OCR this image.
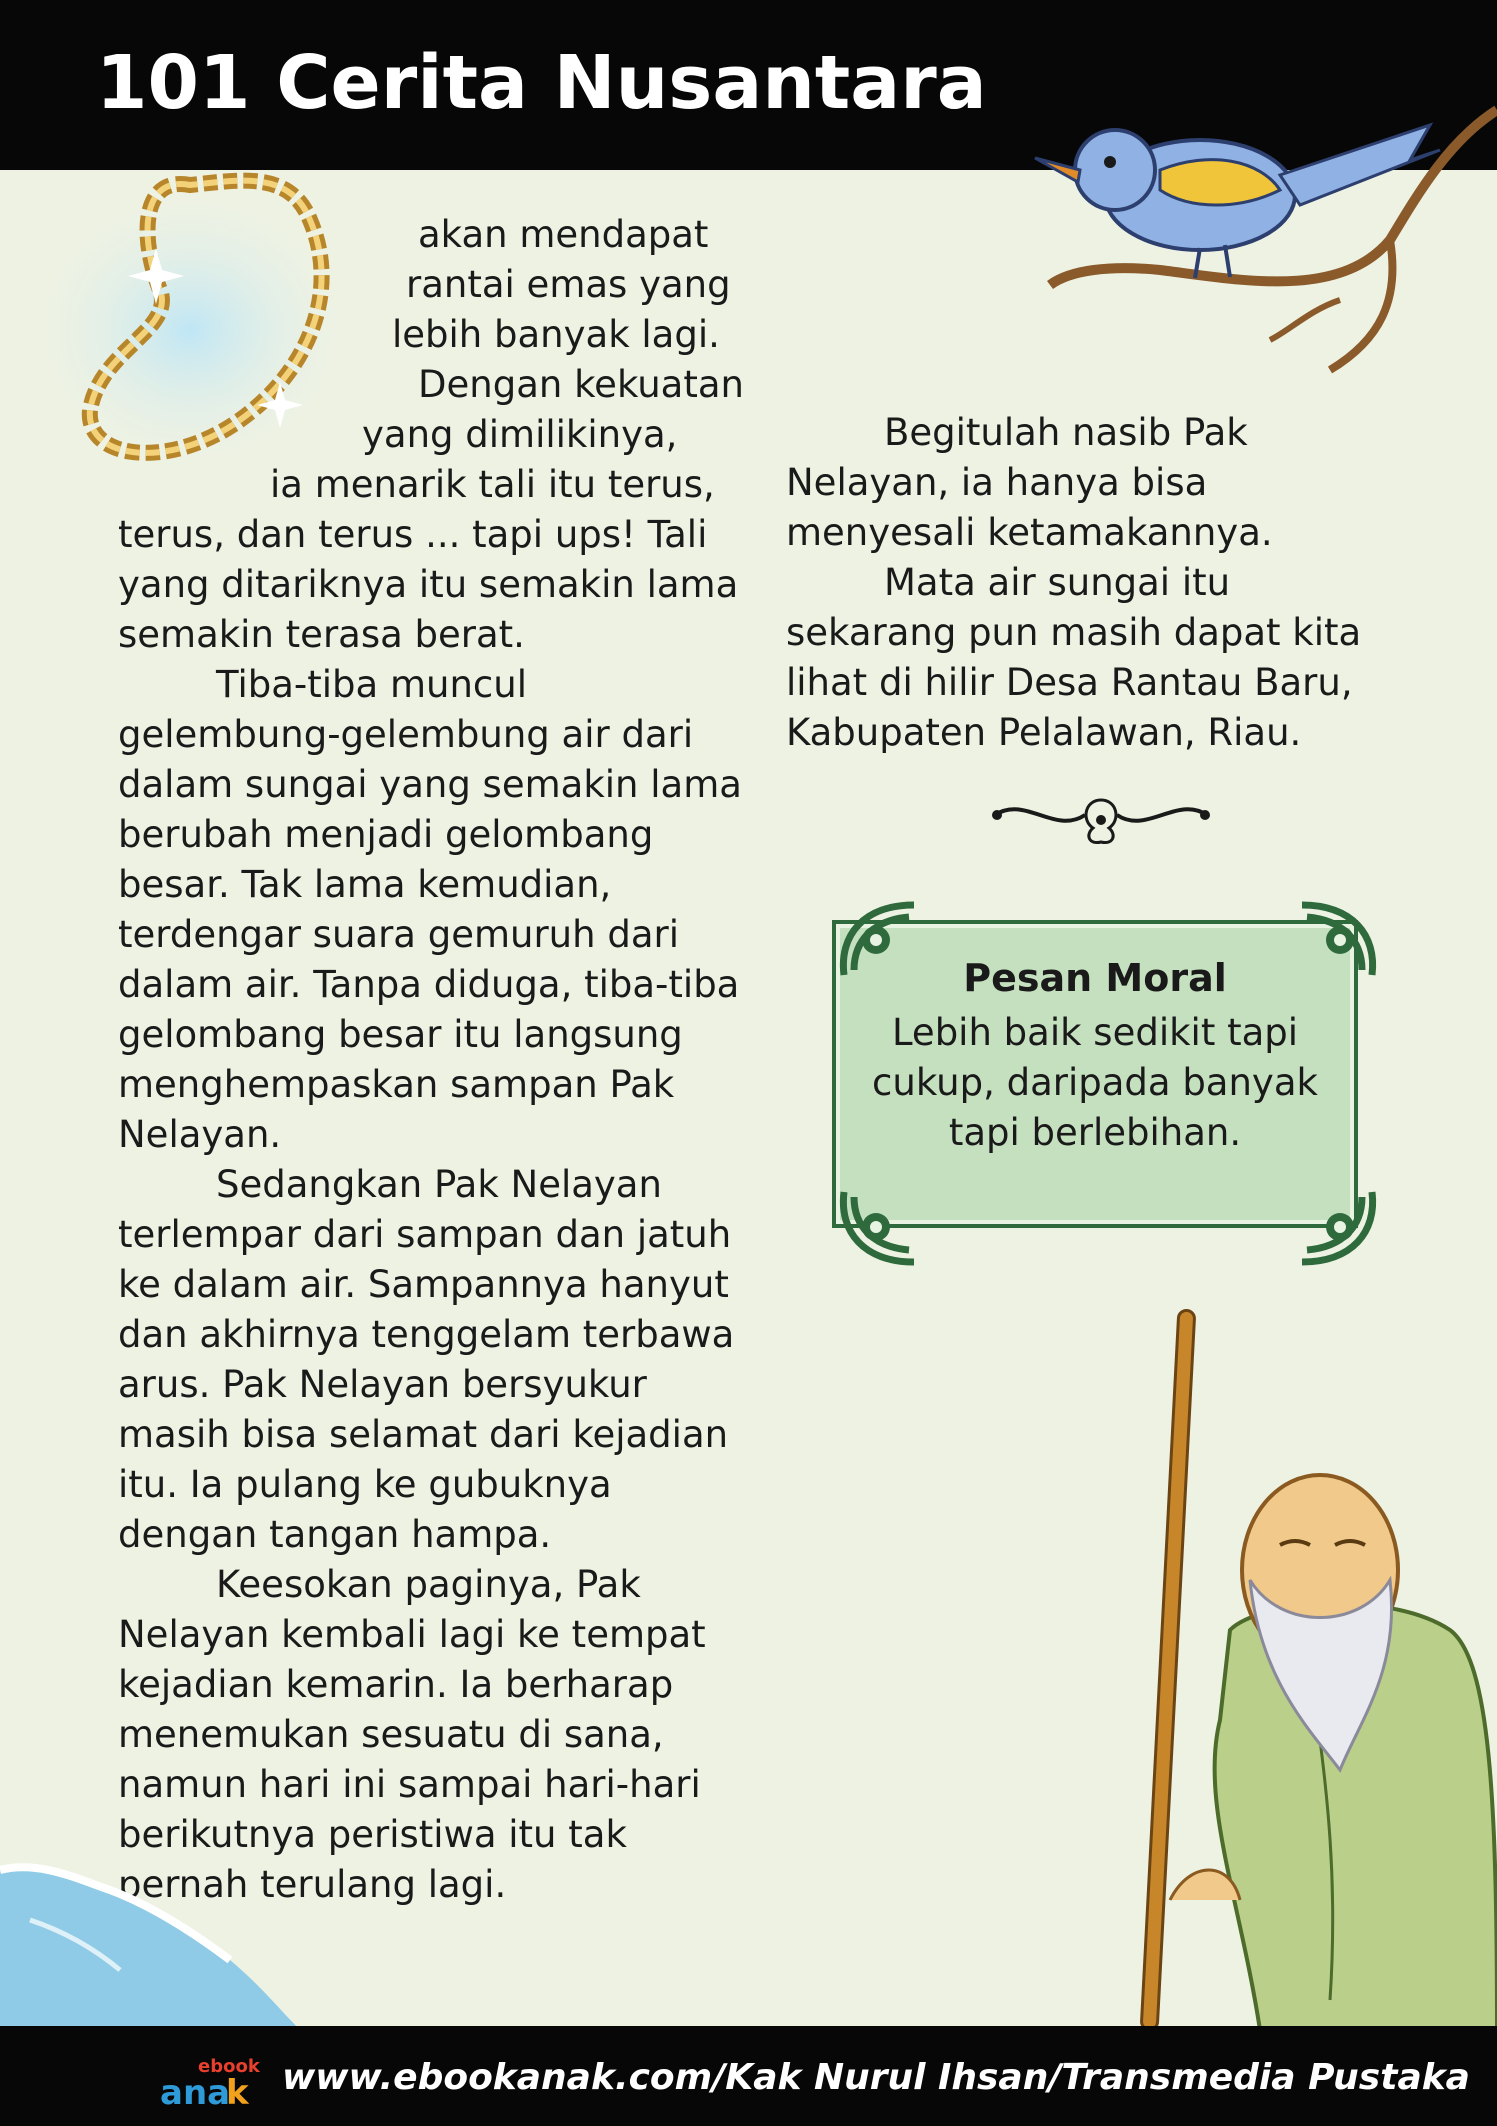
101 Cerita Nusantara
akan mendapat
rantai emas yang
lebih banyak lagi.
Dengan kekuatan
yang dimilikinya,
ia menarik tali itu terus,

terus, dan terus ... tapi ups! Tali yang ditariknya itu semakin lama semakin terasa berat.

Tiba-tiba muncul gelembung-gelembung air dari dalam sungai yang semakin lama berubah menjadi gelombang besar. Tak lama kemudian, terdengar suara gemuruh dari dalam air. Tanpa diduga, tiba-tiba gelombang besar itu langsung menghempaskan sampan Pak Nelayan.

Sedangkan Pak Nelayan terlempar dari sampan dan jatuh ke dalam air. Sampannya hanyut dan akhirnya tenggelam terbawa arus. Pak Nelayan bersyukur masih bisa selamat dari kejadian itu. Ia pulang ke gubuknya dengan tangan hampa.

Keesokan paginya, Pak Nelayan kembali lagi ke tempat kejadian kemarin. Ia berharap menemukan sesuatu di sana, namun hari ini sampai hari-hari berikutnya peristiwa itu tak pernah terulang lagi.

Begitulah nasib Pak Nelayan, ia hanya bisa menyesali ketamakannya.

Mata air sungai itu sekarang pun masih dapat kita lihat di hilir Desa Rantau Baru, Kabupaten Pelalawan, Riau.

Pesan Moral
Lebih baik sedikit tapi
cukup, daripada banyak
tapi berlebihan.
ebook
ana
k www.ebookanak.com/Kak Nurul Ihsan/Transmedia Pustaka
